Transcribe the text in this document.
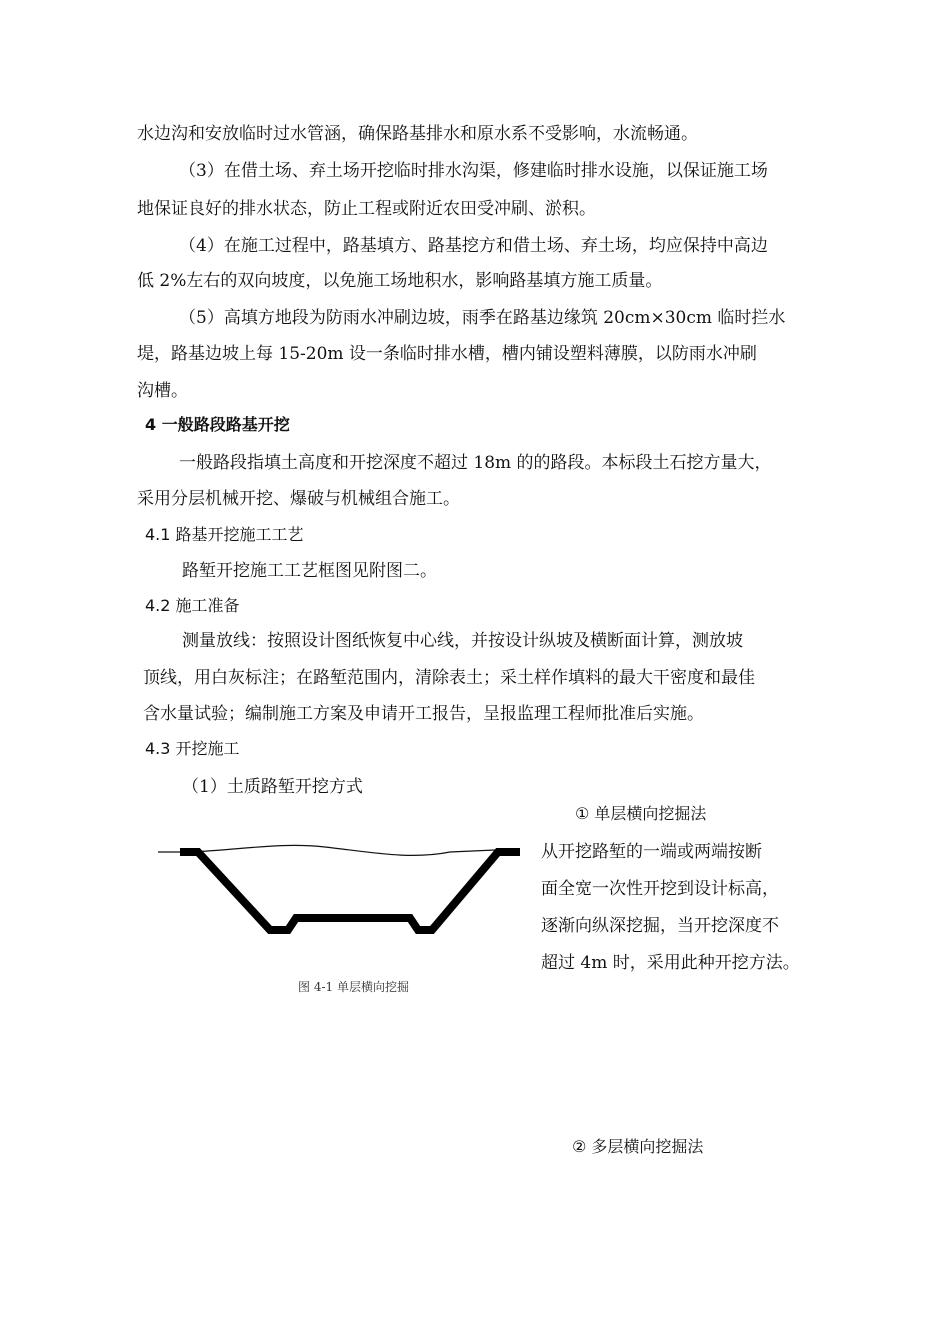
水边沟和安放临时过水管涵，确保路基排水和原水系不受影响，水流畅通。

（3）在借土场、弃土场开挖临时排水沟渠，修建临时排水设施，以保证施工场

地保证良好的排水状态，防止工程或附近农田受冲刷、淤积。

（4）在施工过程中，路基填方、路基挖方和借土场、弃土场，均应保持中高边

低 2%左右的双向坡度，以免施工场地积水，影响路基填方施工质量。

（5）高填方地段为防雨水冲刷边坡，雨季在路基边缘筑 20cm×30cm 临时拦水

堤，路基边坡上每 15-20m 设一条临时排水槽，槽内铺设塑料薄膜，以防雨水冲刷

沟槽。

4 一般路段路基开挖

一般路段指填土高度和开挖深度不超过 18m 的的路段。本标段土石挖方量大，

采用分层机械开挖、爆破与机械组合施工。

4.1 路基开挖施工工艺

路堑开挖施工工艺框图见附图二。

4.2 施工准备

测量放线：按照设计图纸恢复中心线，并按设计纵坡及横断面计算，测放坡

顶线，用白灰标注；在路堑范围内，清除表土；采土样作填料的最大干密度和最佳

含水量试验；编制施工方案及申请开工报告，呈报监理工程师批准后实施。

4.3 开挖施工

（1）土质路堑开挖方式

① 单层横向挖掘法

从开挖路堑的一端或两端按断

面全宽一次性开挖到设计标高，

逐渐向纵深挖掘，当开挖深度不

超过 4m 时，采用此种开挖方法。

图 4-1 单层横向挖掘

② 多层横向挖掘法
